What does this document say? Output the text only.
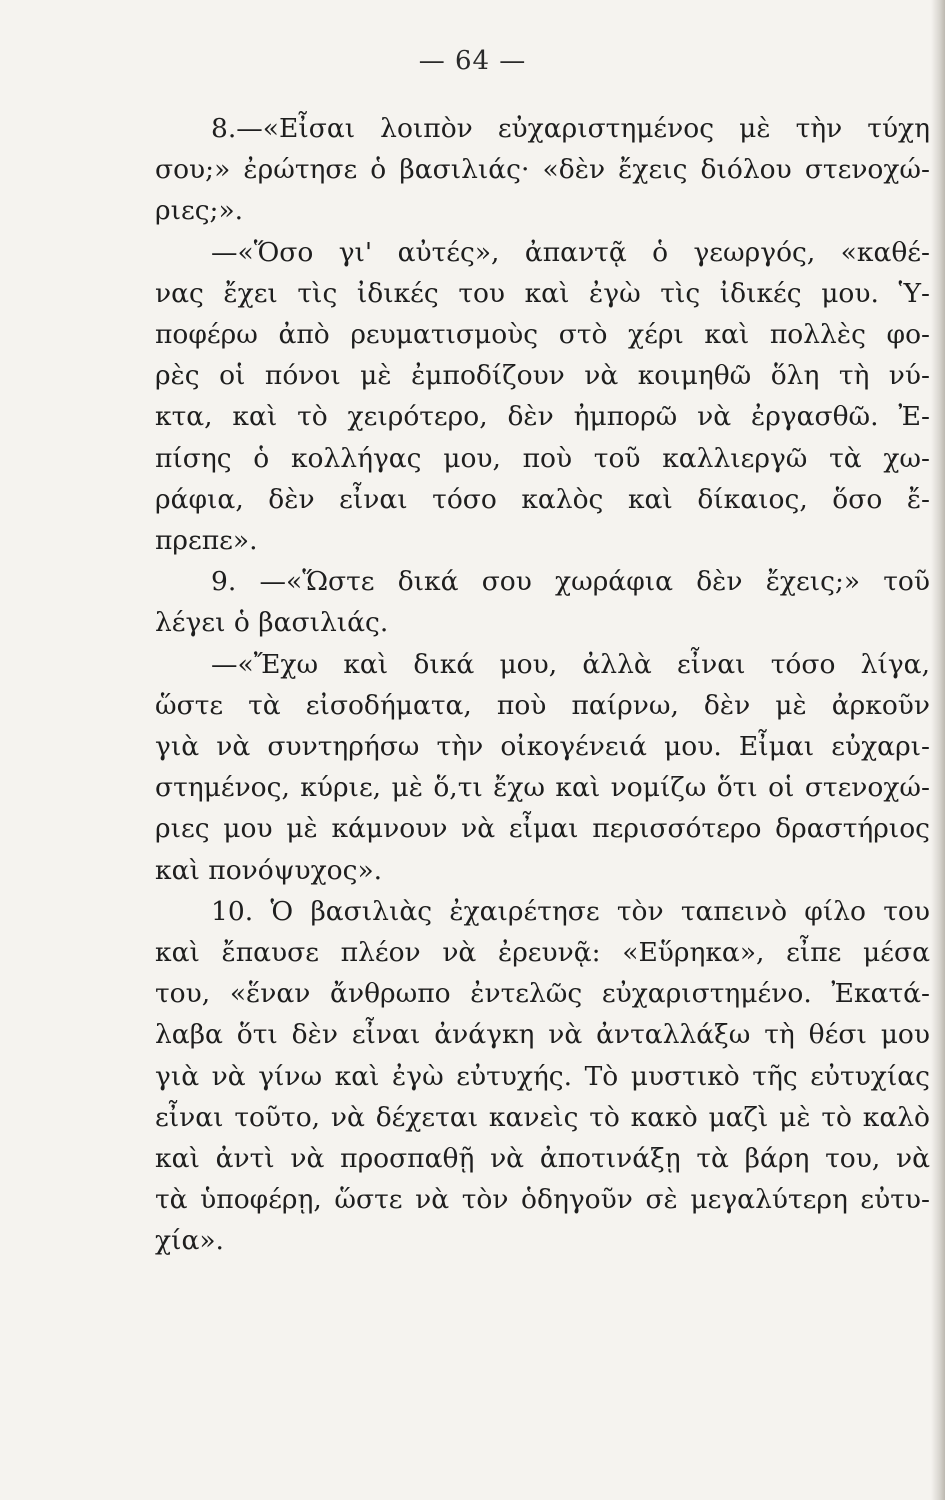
— 64 —
8.—«Εἶσαι λοιπὸν εὐχαριστημένος μὲ τὴν τύχη
σου;» ἐρώτησε ὁ βασιλιάς· «δὲν ἔχεις διόλου στενοχώ-
ριες;».
—«Ὅσο γι' αὐτές», ἀπαντᾷ ὁ γεωργός, «καθέ-
νας ἔχει τὶς ἰδικές του καὶ ἐγὼ τὶς ἰδικές μου. Ὑ-
ποφέρω ἀπὸ ρευματισμοὺς στὸ χέρι καὶ πολλὲς φο-
ρὲς οἱ πόνοι μὲ ἐμποδίζουν νὰ κοιμηθῶ ὅλη τὴ νύ-
κτα, καὶ τὸ χειρότερο, δὲν ἠμπορῶ νὰ ἐργασθῶ. Ἐ-
πίσης ὁ κολλήγας μου, ποὺ τοῦ καλλιεργῶ τὰ χω-
ράφια, δὲν εἶναι τόσο καλὸς καὶ δίκαιος, ὅσο ἔ-
πρεπε».
9. —«Ὥστε δικά σου χωράφια δὲν ἔχεις;» τοῦ
λέγει ὁ βασιλιάς.
—«Ἔχω καὶ δικά μου, ἀλλὰ εἶναι τόσο λίγα,
ὥστε τὰ εἰσοδήματα, ποὺ παίρνω, δὲν μὲ ἀρκοῦν
γιὰ νὰ συντηρήσω τὴν οἰκογένειά μου. Εἶμαι εὐχαρι-
στημένος, κύριε, μὲ ὅ,τι ἔχω καὶ νομίζω ὅτι οἱ στενοχώ-
ριες μου μὲ κάμνουν νὰ εἶμαι περισσότερο δραστήριος
καὶ πονόψυχος».
10. Ὁ βασιλιὰς ἐχαιρέτησε τὸν ταπεινὸ φίλο του
καὶ ἔπαυσε πλέον νὰ ἐρευνᾷ: «Εὕρηκα», εἶπε μέσα
του, «ἕναν ἄνθρωπο ἐντελῶς εὐχαριστημένο. Ἐκατά-
λαβα ὅτι δὲν εἶναι ἀνάγκη νὰ ἀνταλλάξω τὴ θέσι μου
γιὰ νὰ γίνω καὶ ἐγὼ εὐτυχής. Τὸ μυστικὸ τῆς εὐτυχίας
εἶναι τοῦτο, νὰ δέχεται κανεὶς τὸ κακὸ μαζὶ μὲ τὸ καλὸ
καὶ ἀντὶ νὰ προσπαθῇ νὰ ἀποτινάξῃ τὰ βάρη του, νὰ
τὰ ὑποφέρῃ, ὥστε νὰ τὸν ὁδηγοῦν σὲ μεγαλύτερη εὐτυ-
χία».
